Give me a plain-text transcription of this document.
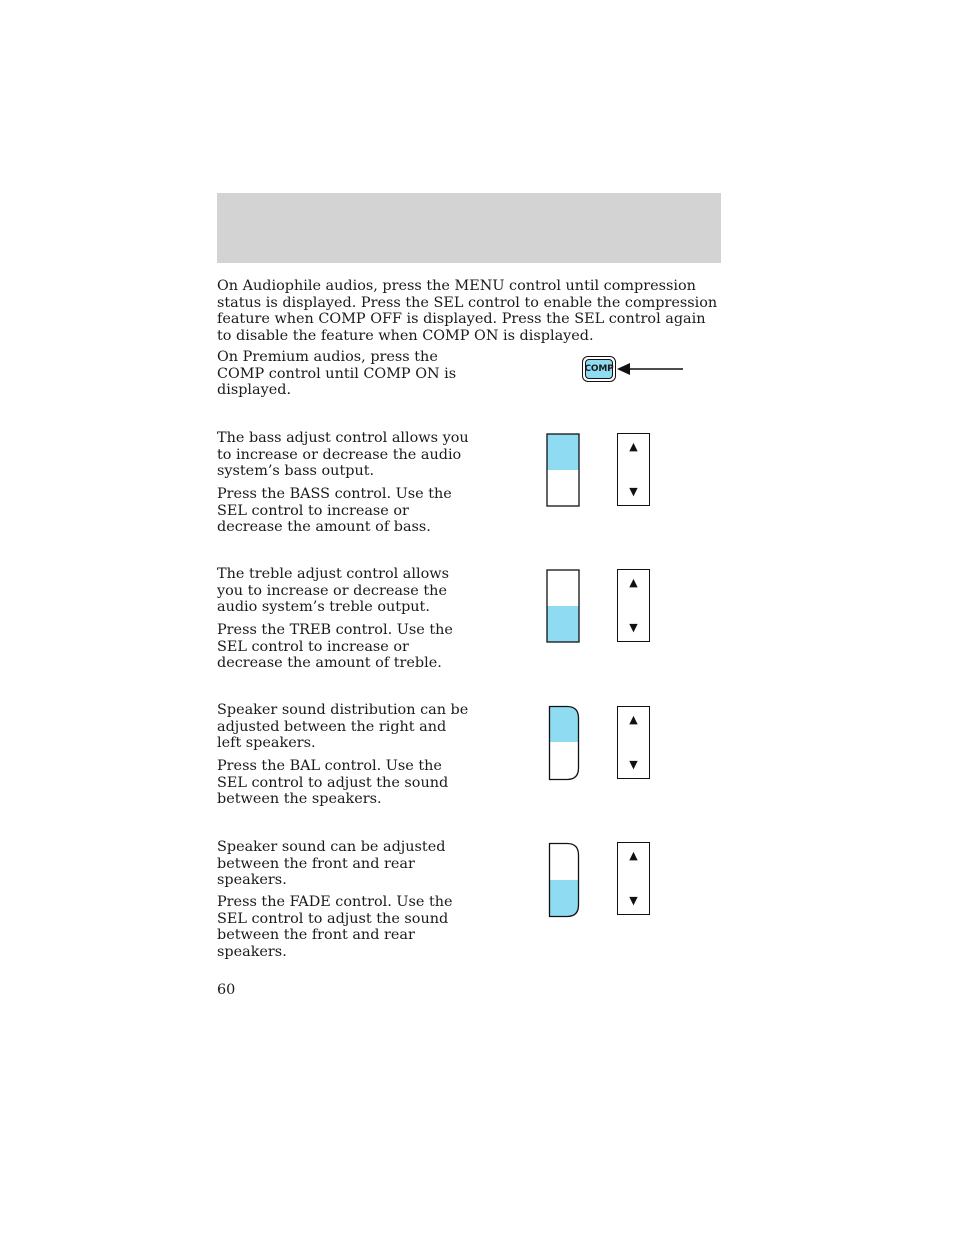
On Audiophile audios, press the MENU control until compression status is displayed. Press the SEL control to enable the compression feature when COMP OFF is displayed. Press the SEL control again to disable the feature when COMP ON is displayed.

On Premium audios, press the COMP control until COMP ON is displayed.

COMP

The bass adjust control allows you to increase or decrease the audio system’s bass output.

Press the BASS control. Use the SEL control to increase or decrease the amount of bass.

▲
▼

The treble adjust control allows you to increase or decrease the audio system’s treble output.

Press the TREB control. Use the SEL control to increase or decrease the amount of treble.

▲
▼

Speaker sound distribution can be adjusted between the right and left speakers.

Press the BAL control. Use the SEL control to adjust the sound between the speakers.

▲
▼

Speaker sound can be adjusted between the front and rear speakers.

Press the FADE control. Use the SEL control to adjust the sound between the front and rear speakers.

▲
▼
60
